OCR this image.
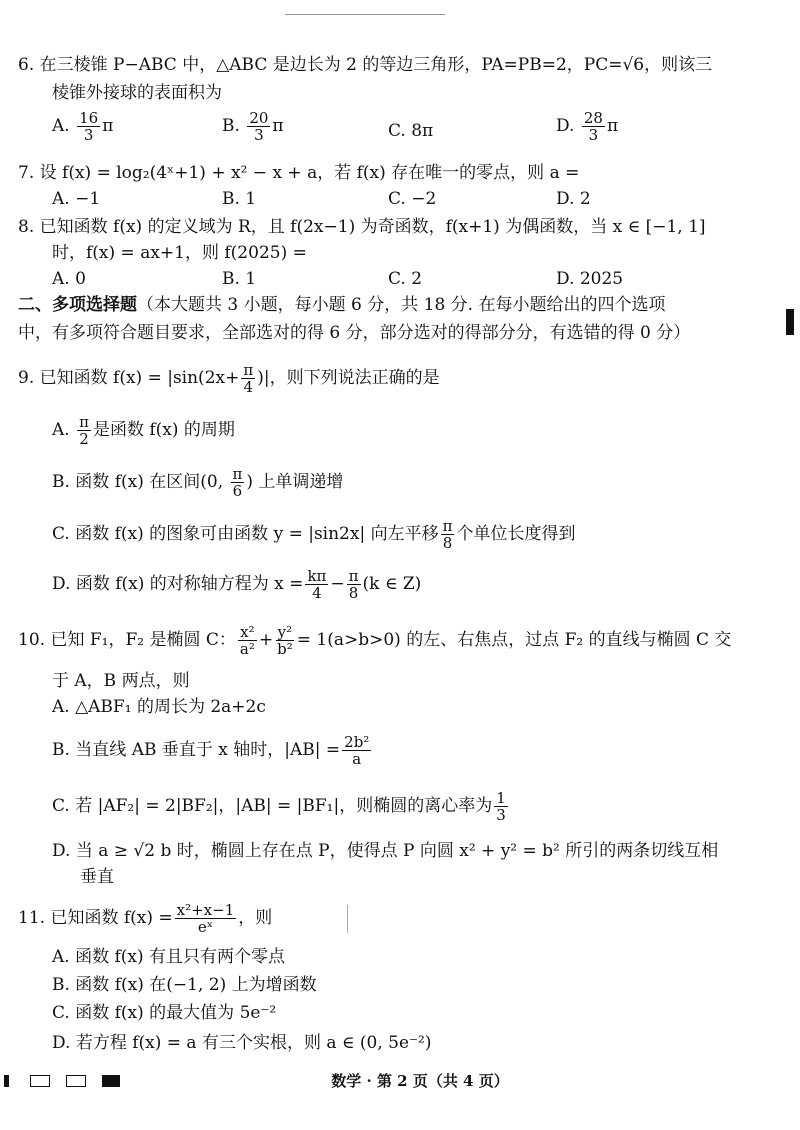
6. 在三棱锥 P−ABC 中，△ABC 是边长为 2 的等边三角形，PA=PB=2，PC=√6，则该三
棱锥外接球的表面积为
A. $\frac{16}{3}$ π	B. $\frac{20}{3}$ π	C. 8π	D. $\frac{28}{3}$ π
7. 设 f(x) = log₂(4ˣ+1) + x² − x + a，若 f(x) 存在唯一的零点，则 a =
A. −1	B. 1	C. −2	D. 2
8. 已知函数 f(x) 的定义域为 R，且 f(2x−1) 为奇函数，f(x+1) 为偶函数，当 x ∈ [−1, 1]
时，f(x) = ax+1，则 f(2025) =
A. 0	B. 1	C. 2	D. 2025
二、多项选择题（本大题共 3 小题，每小题 6 分，共 18 分. 在每小题给出的四个选项
中，有多项符合题目要求，全部选对的得 6 分，部分选对的得部分分，有选错的得 0 分）
9. 已知函数 $f(x) = |\sin(2x+ \frac{\pi}{4}$ )|，则下列说法正确的是
A. $\frac{\pi}{2}$ 是函数 f(x) 的周期
B. 函数 f(x) 在区间(0, $\frac{\pi}{6}$ ) 上单调递增
C. 函数 f(x) 的图象可由函数 y = |sin2x| 向左平移 $\frac{\pi}{8}$ 个单位长度得到
D. 函数 f(x) 的对称轴方程为 $x = \frac{k\pi}{4} - \frac{\pi}{8} (k$ ∈ Z)
10. 已知 F₁，F₂ 是椭圆 C： $\frac{\text{x²}}{\text{a²}} + \frac{\text{y²}}{\text{b²}} = 1(a>b>0)$ 的左、右焦点，过点 F₂ 的直线与椭圆 C 交
于 A，B 两点，则
A. △ABF₁ 的周长为 2a+2c
B. 当直线 AB 垂直于 x 轴时，$|AB| = \frac{\text{2b²}}{a}$
C. 若 |AF₂| = 2|BF₂|，|AB| = |BF₁|，则椭圆的离心率为 $\frac{1}{3}$
D. 当 a ≥ √2 b 时，椭圆上存在点 P，使得点 P 向圆 x² + y² = b² 所引的两条切线互相
垂直
11. 已知函数 $f(x) = \frac{\text{x²+x−1}}{\text{eˣ}}$ ，则
A. 函数 f(x) 有且只有两个零点
B. 函数 f(x) 在(−1, 2) 上为增函数
C. 函数 f(x) 的最大值为 5e⁻²
D. 若方程 f(x) = a 有三个实根，则 a ∈ (0, 5e⁻²)
数学 · 第 2 页（共 4 页）
